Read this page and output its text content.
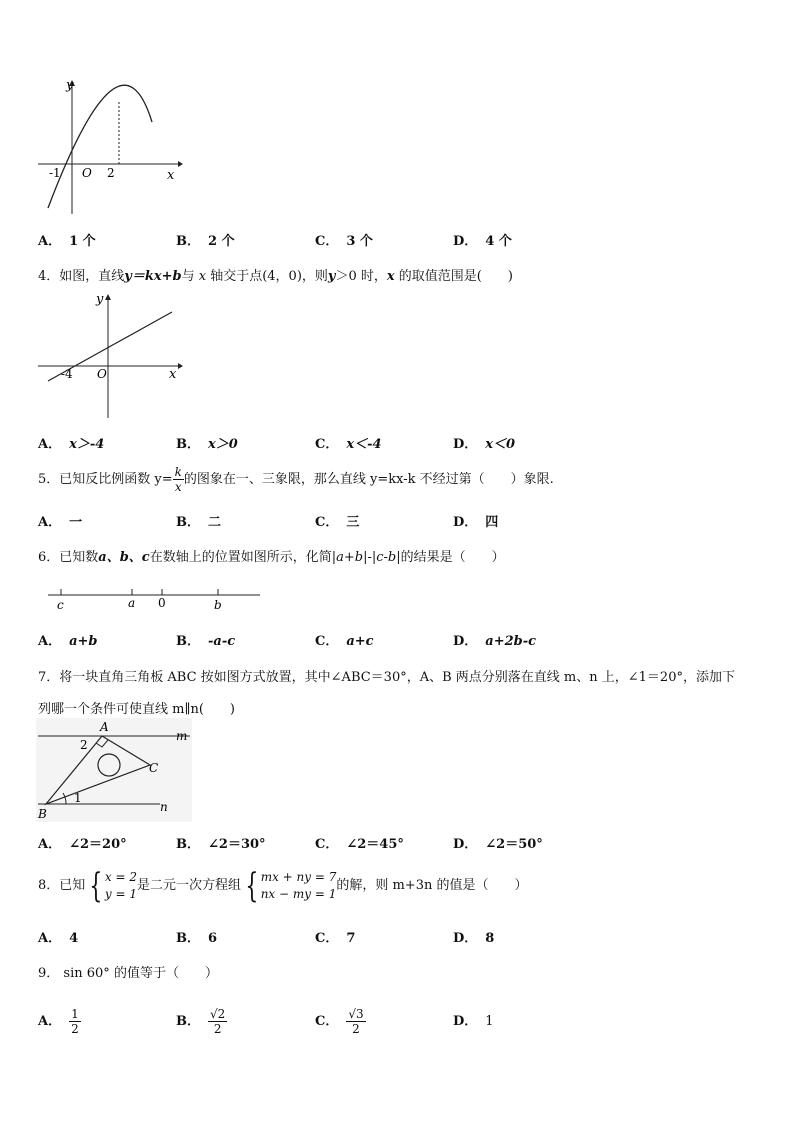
y
x
-1 O 2
A． 1 个	B． 2 个	C． 3 个	D． 4 个
4．如图，直线y＝kx+b与 x 轴交于点(4，0)，则y＞0 时，x 的取值范围是(　　)
y
x
-4 O
A． x＞-4	B． x＞0	C． x＜-4	D． x＜0
5．已知反比例函数 $y= \frac{k}{x}$ 的图象在一、三象限，那么直线 y=kx-k 不经过第（　　）象限.
A． 一	B． 二	C． 三	D． 四
6．已知数a、b、c在数轴上的位置如图所示，化简|a+b|-|c-b|的结果是（　　）
c	a 0	b
A． a+b	B． -a-c	C． a+c	D． a+2b-c
7．将一块直角三角板 ABC 按如图方式放置，其中∠ABC＝30°，A、B 两点分别落在直线 m、n 上，∠1＝20°，添加下
列哪一个条件可使直线 m∥n(　　)
A
m
2
C
1
n
B
A． ∠2＝20°	B． ∠2＝30°	C． ∠2＝45°	D． ∠2＝50°
8．已知 { x = 2
y = 1
是二元一次方程组 { mx + ny = 7
nx − my = 1
的解，则 m+3n 的值是（　　）
A． 4	B． 6	C． 7	D． 8
9． sin 60° 的值等于（　　）
A． $\frac{1}{2}$	B． $\frac{√2}{2}$	C． $\frac{√3}{2}$	D． 1
